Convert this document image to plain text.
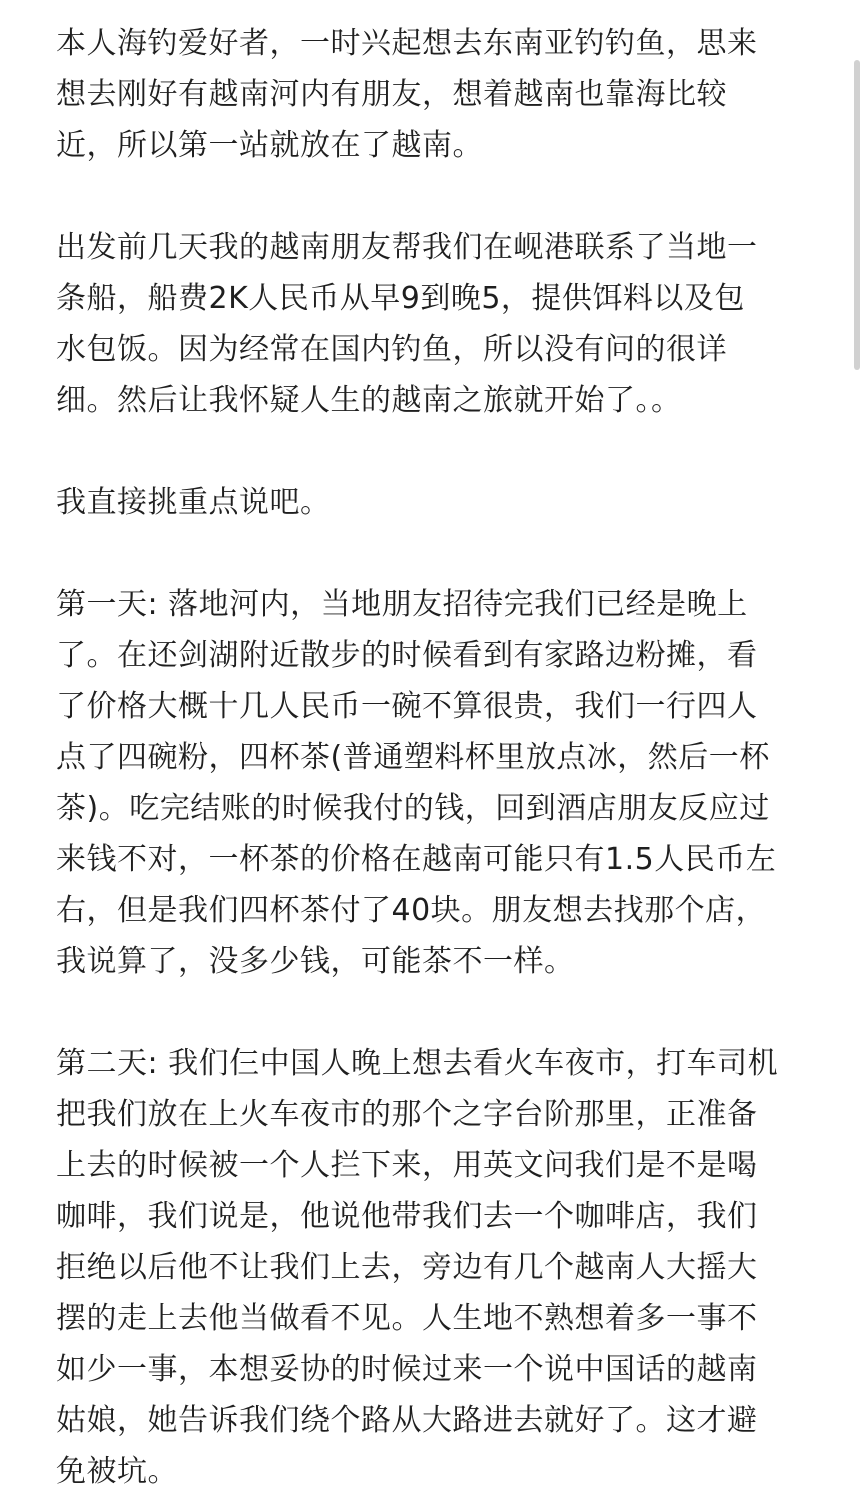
本人海钓爱好者，一时兴起想去东南亚钓钓鱼，思来
想去刚好有越南河内有朋友，想着越南也靠海比较
近，所以第一站就放在了越南。

出发前几天我的越南朋友帮我们在岘港联系了当地一
条船，船费2K人民币从早9到晚5，提供饵料以及包
水包饭。因为经常在国内钓鱼，所以没有问的很详
细。然后让我怀疑人生的越南之旅就开始了。。

我直接挑重点说吧。

第一天: 落地河内，当地朋友招待完我们已经是晚上
了。在还剑湖附近散步的时候看到有家路边粉摊，看
了价格大概十几人民币一碗不算很贵，我们一行四人
点了四碗粉，四杯茶(普通塑料杯里放点冰，然后一杯
茶)。吃完结账的时候我付的钱，回到酒店朋友反应过
来钱不对，一杯茶的价格在越南可能只有1.5人民币左
右，但是我们四杯茶付了40块。朋友想去找那个店，
我说算了，没多少钱，可能茶不一样。

第二天: 我们仨中国人晚上想去看火车夜市，打车司机
把我们放在上火车夜市的那个之字台阶那里，正准备
上去的时候被一个人拦下来，用英文问我们是不是喝
咖啡，我们说是，他说他带我们去一个咖啡店，我们
拒绝以后他不让我们上去，旁边有几个越南人大摇大
摆的走上去他当做看不见。人生地不熟想着多一事不
如少一事，本想妥协的时候过来一个说中国话的越南
姑娘，她告诉我们绕个路从大路进去就好了。这才避
免被坑。
